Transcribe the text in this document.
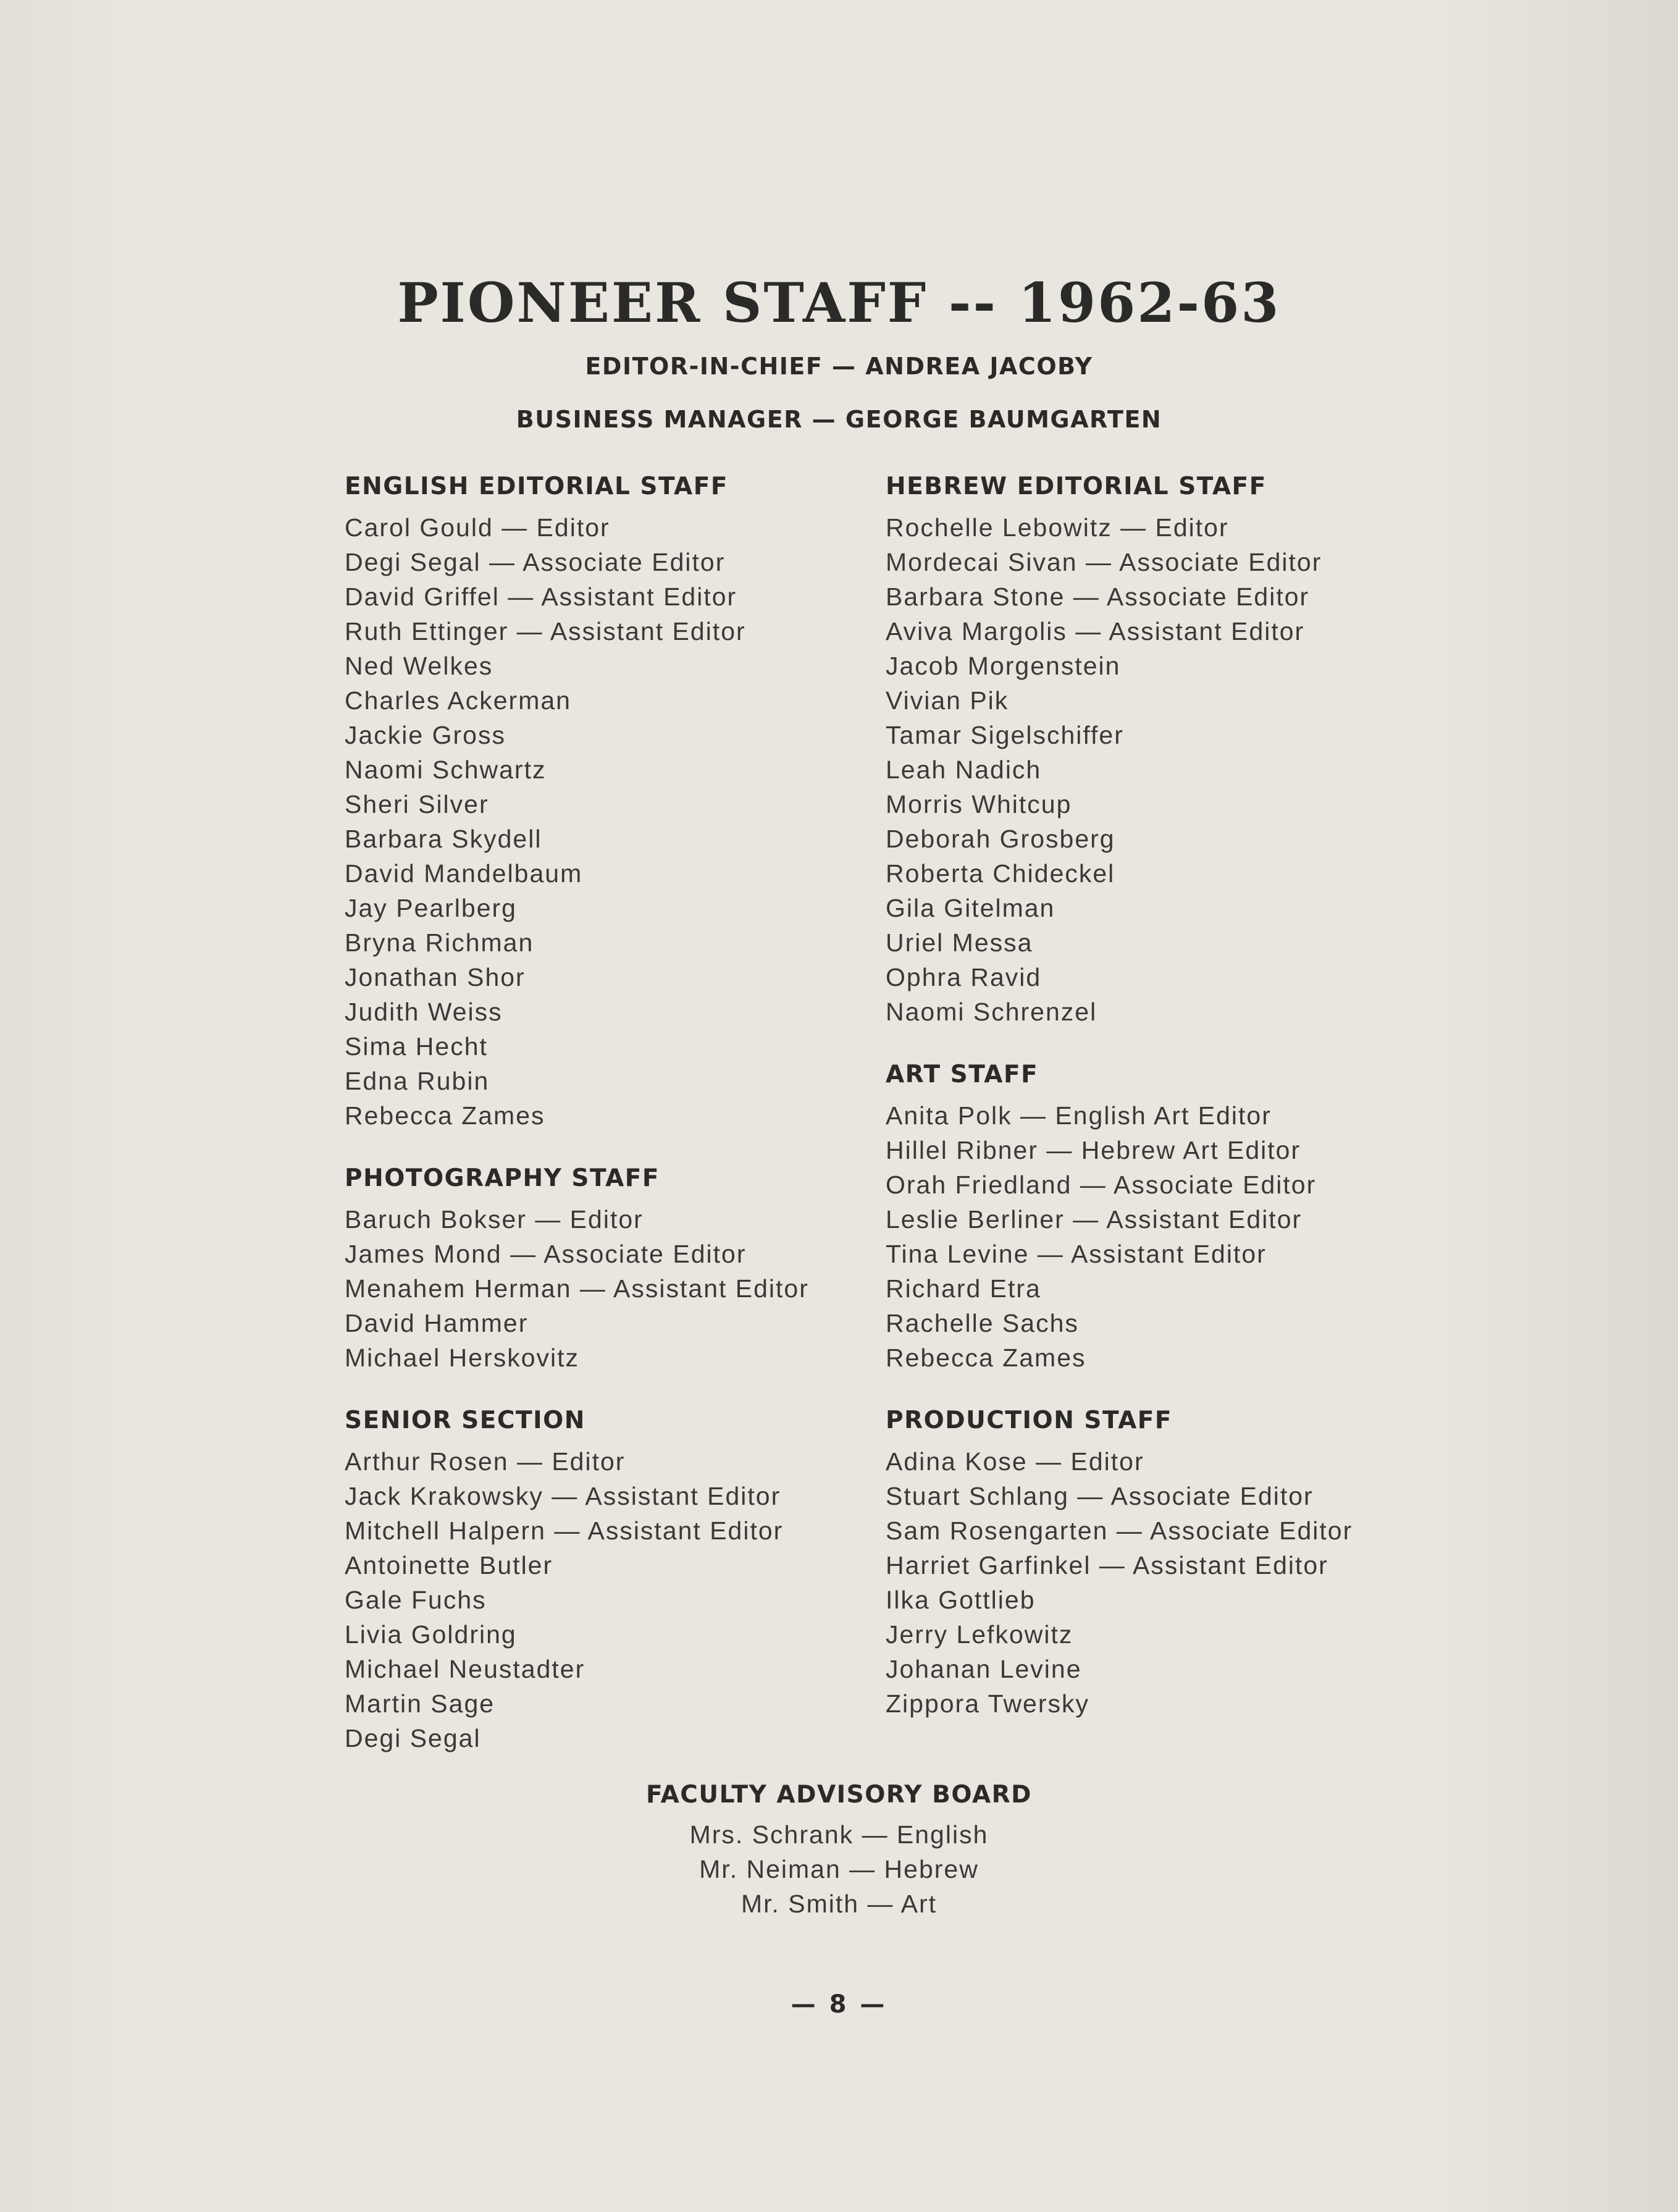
PIONEER STAFF -- 1962-63
EDITOR-IN-CHIEF — ANDREA JACOBY
BUSINESS MANAGER — GEORGE BAUMGARTEN
ENGLISH EDITORIAL STAFF
Carol Gould — Editor
Degi Segal — Associate Editor
David Griffel — Assistant Editor
Ruth Ettinger — Assistant Editor
Ned Welkes
Charles Ackerman
Jackie Gross
Naomi Schwartz
Sheri Silver
Barbara Skydell
David Mandelbaum
Jay Pearlberg
Bryna Richman
Jonathan Shor
Judith Weiss
Sima Hecht
Edna Rubin
Rebecca Zames
PHOTOGRAPHY STAFF
Baruch Bokser — Editor
James Mond — Associate Editor
Menahem Herman — Assistant Editor
David Hammer
Michael Herskovitz
SENIOR SECTION
Arthur Rosen — Editor
Jack Krakowsky — Assistant Editor
Mitchell Halpern — Assistant Editor
Antoinette Butler
Gale Fuchs
Livia Goldring
Michael Neustadter
Martin Sage
Degi Segal
HEBREW EDITORIAL STAFF
Rochelle Lebowitz — Editor
Mordecai Sivan — Associate Editor
Barbara Stone — Associate Editor
Aviva Margolis — Assistant Editor
Jacob Morgenstein
Vivian Pik
Tamar Sigelschiffer
Leah Nadich
Morris Whitcup
Deborah Grosberg
Roberta Chideckel
Gila Gitelman
Uriel Messa
Ophra Ravid
Naomi Schrenzel
ART STAFF
Anita Polk — English Art Editor
Hillel Ribner — Hebrew Art Editor
Orah Friedland — Associate Editor
Leslie Berliner — Assistant Editor
Tina Levine — Assistant Editor
Richard Etra
Rachelle Sachs
Rebecca Zames
PRODUCTION STAFF
Adina Kose — Editor
Stuart Schlang — Associate Editor
Sam Rosengarten — Associate Editor
Harriet Garfinkel — Assistant Editor
Ilka Gottlieb
Jerry Lefkowitz
Johanan Levine
Zippora Twersky
FACULTY ADVISORY BOARD
Mrs. Schrank — English
Mr. Neiman — Hebrew
Mr. Smith — Art
— 8 —
